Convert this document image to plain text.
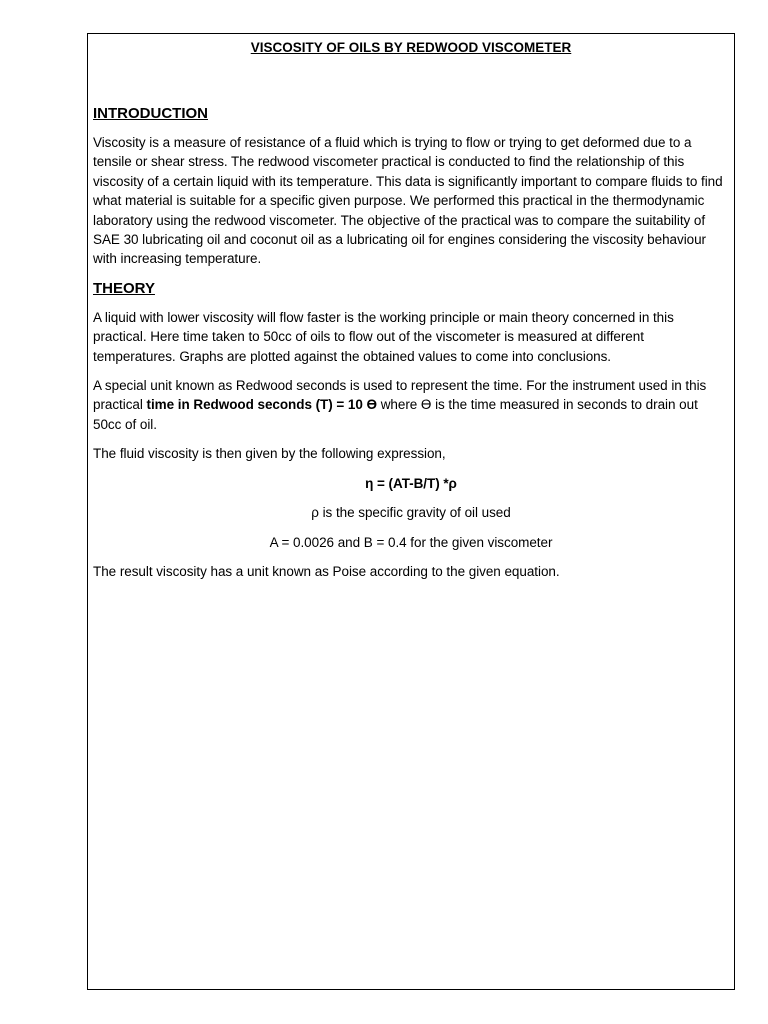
VISCOSITY OF OILS BY REDWOOD VISCOMETER
INTRODUCTION

Viscosity is a measure of resistance of a fluid which is trying to flow or trying to get deformed due to a tensile or shear stress. The redwood viscometer practical is conducted to find the relationship of this viscosity of a certain liquid with its temperature. This data is significantly important to compare fluids to find what material is suitable for a specific given purpose. We performed this practical in the thermodynamic laboratory using the redwood viscometer. The objective of the practical was to compare the suitability of SAE 30 lubricating oil and coconut oil as a lubricating oil for engines considering the viscosity behaviour with increasing temperature.

THEORY

A liquid with lower viscosity will flow faster is the working principle or main theory concerned in this practical. Here time taken to 50cc of oils to flow out of the viscometer is measured at different temperatures. Graphs are plotted against the obtained values to come into conclusions.

A special unit known as Redwood seconds is used to represent the time. For the instrument used in this practical time in Redwood seconds (T) = 10 Ɵ where Ɵ is the time measured in seconds to drain out 50cc of oil.

The fluid viscosity is then given by the following expression,

η = (AT-B/T) *ρ

ρ is the specific gravity of oil used

A = 0.0026 and B = 0.4 for the given viscometer

The result viscosity has a unit known as Poise according to the given equation.
